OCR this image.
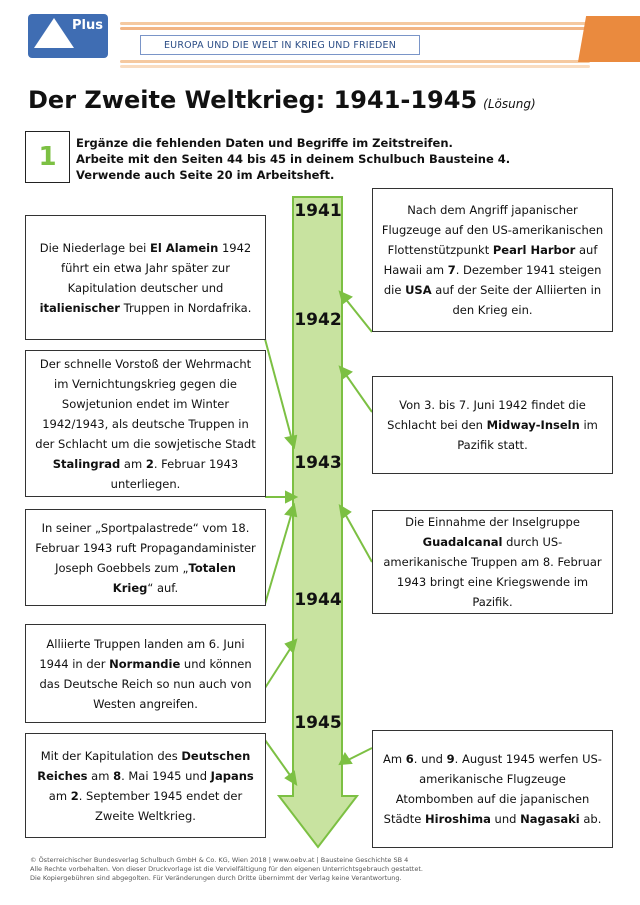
Plus
EUROPA UND DIE WELT IN KRIEG UND FRIEDEN
Der Zweite Weltkrieg: 1941-1945 (Lösung)
1 Ergänze die fehlenden Daten und Begriffe im Zeitstreifen.
Arbeite mit den Seiten 44 bis 45 in deinem Schulbuch Bausteine 4.
Verwende auch Seite 20 im Arbeitsheft.
1941
1942
1943
1944
1945
Die Niederlage bei El Alamein 1942 führt ein etwa Jahr später zur Kapitulation deutscher und italienischer Truppen in Nordafrika.
Der schnelle Vorstoß der Wehrmacht im Vernichtungskrieg gegen die Sowjetunion endet im Winter 1942/1943, als deutsche Truppen in der Schlacht um die sowjetische Stadt Stalingrad am 2. Februar 1943 unterliegen.
In seiner „Sportpalastrede“ vom 18. Februar 1943 ruft Propagandaminister Joseph Goebbels zum „Totalen Krieg“ auf.
Alliierte Truppen landen am 6. Juni 1944 in der Normandie und können das Deutsche Reich so nun auch von Westen angreifen.
Mit der Kapitulation des Deutschen Reiches am 8. Mai 1945 und Japans am 2. September 1945 endet der Zweite Weltkrieg.
Nach dem Angriff japanischer Flugzeuge auf den US-amerikanischen Flottenstützpunkt Pearl Harbor auf Hawaii am 7. Dezember 1941 steigen die USA auf der Seite der Alliierten in den Krieg ein.
Von 3. bis 7. Juni 1942 findet die Schlacht bei den Midway-Inseln im Pazifik statt.
Die Einnahme der Inselgruppe Guadalcanal durch US-amerikanische Truppen am 8. Februar 1943 bringt eine Kriegswende im Pazifik.
Am 6. und 9. August 1945 werfen US-amerikanische Flugzeuge Atombomben auf die japanischen Städte Hiroshima und Nagasaki ab.
© Österreichischer Bundesverlag Schulbuch GmbH & Co. KG, Wien 2018 | www.oebv.at | Bausteine Geschichte SB 4
Alle Rechte vorbehalten. Von dieser Druckvorlage ist die Vervielfältigung für den eigenen Unterrichtsgebrauch gestattet.
Die Kopiergebühren sind abgegolten. Für Veränderungen durch Dritte übernimmt der Verlag keine Verantwortung.
